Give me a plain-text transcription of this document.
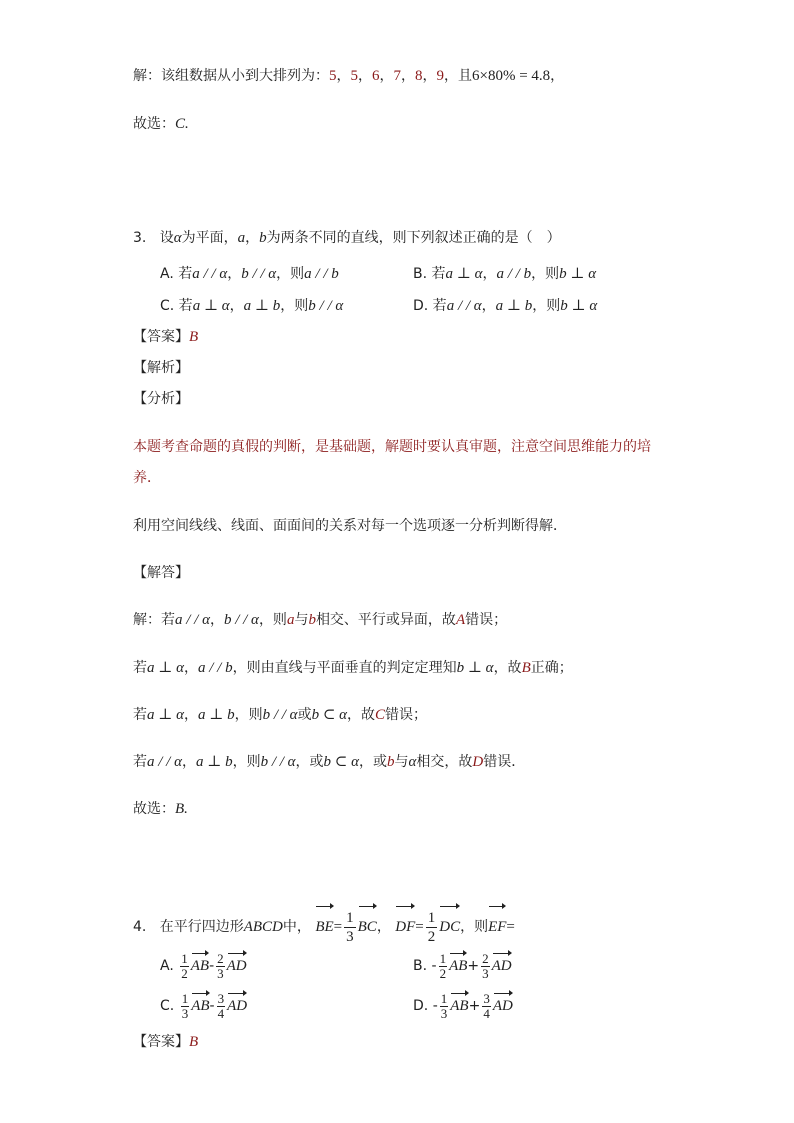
解：该组数据从小到大排列为：5，5，6，7，8，9，且6×80% = 4.8，
故选：C.
3. 设α为平面，a，b为两条不同的直线，则下列叙述正确的是（　）
A. 若a / / α，b / / α，则a / / b	B. 若a ⊥ α，a / / b，则b ⊥ α
C. 若a ⊥ α，a ⊥ b，则b / / α	D. 若a / / α，a ⊥ b，则b ⊥ α
【答案】B
【解析】
【分析】
本题考查命题的真假的判断，是基础题，解题时要认真审题，注意空间思维能力的培
养．
利用空间线线、线面、面面间的关系对每一个选项逐一分析判断得解．
【解答】
解：若a / / α，b / / α，则a与b相交、平行或异面，故A错误；
若a ⊥ α，a / / b，则由直线与平面垂直的判定定理知b ⊥ α，故B正确；
若a ⊥ α，a ⊥ b，则b / / α或b ⊂ α，故C错误；
若a / / α，a ⊥ b，则b / / α，或b ⊂ α，或b与α相交，故D错误．
故选：B.
4. 在平行四边形ABCD中， $BE= \frac{1}{3}$ BC， $DF= \frac{1}{2}$ DC，则EF=
A. $\frac{1}{2} AB- \frac{2}{3}$ AD	B. - $\frac{1}{2} AB+ \frac{2}{3}$ AD
C. $\frac{1}{3} AB- \frac{3}{4}$ AD	D. - $\frac{1}{3} AB+ \frac{3}{4}$ AD
【答案】B
